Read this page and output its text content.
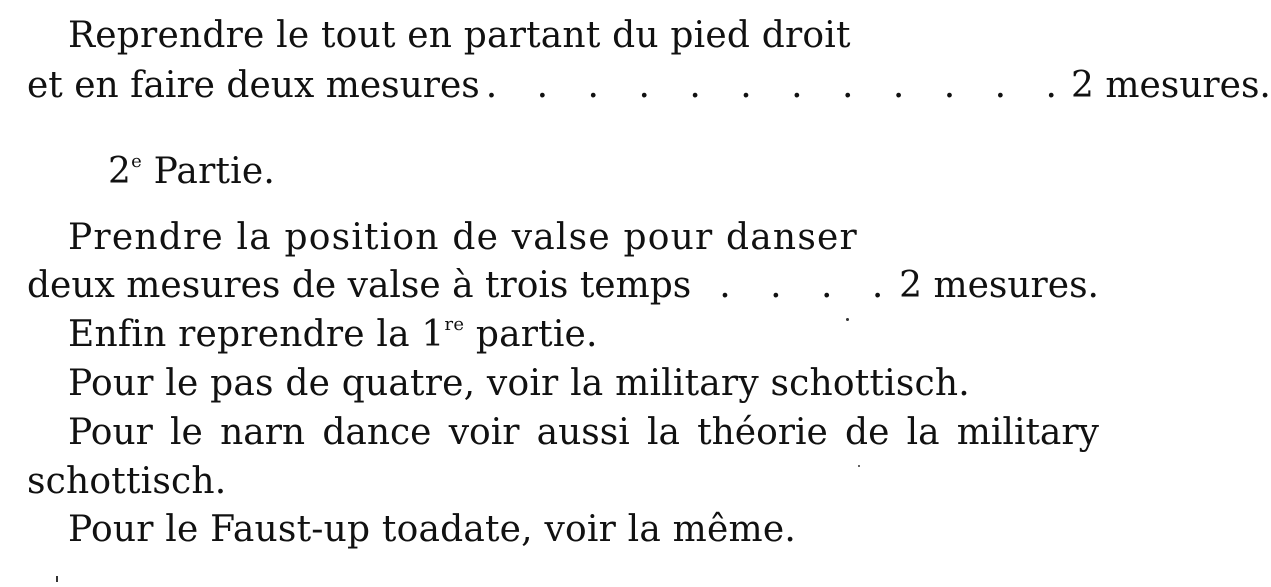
Reprendre le tout en partant du pied droit
et en faire deux mesures . . . . . . . . . . . . 2 mesures.
2e Partie.
Prendre la position de valse pour danser
deux mesures de valse à trois temps . . . . 2 mesures.
Enfin reprendre la 1re partie.
Pour le pas de quatre, voir la military schottisch.
Pour le narn dance voir aussi la théorie de la military
schottisch.
Pour le Faust-up toadate, voir la même.
